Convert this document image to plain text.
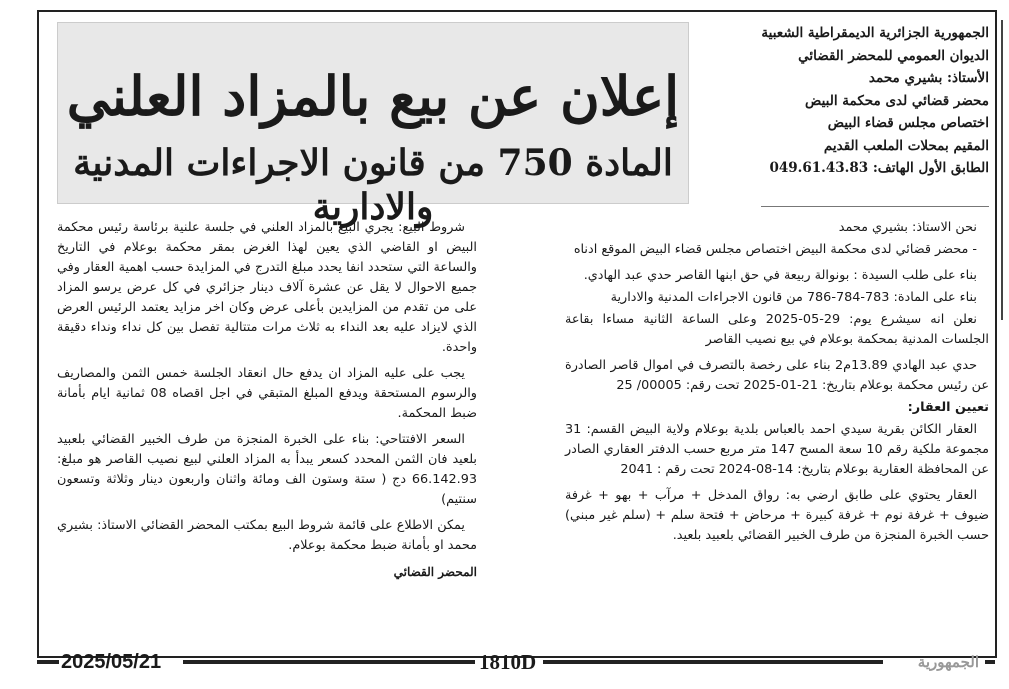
الجمهورية الجزائرية الديمقراطية الشعبية
الديوان العمومي للمحضر القضائي
الأستاذ: بشيري محمد
محضر قضائي لدى محكمة البيض
اختصاص مجلس قضاء البيض
المقيم بمحلات الملعب القديم
الطابق الأول الهاتف: 049.61.43.83
إعلان عن بيع بالمزاد العلني
المادة 750 من قانون الاجراءات المدنية والادارية	نحن الاستاذ: بشيري محمد

- محضر قضائي لدى محكمة البيض اختصاص مجلس قضاء البيض الموقع ادناه

بناء على طلب السيدة : بونوالة ربيعة في حق ابنها القاصر حدي عبد الهادي.

بناء على المادة: 783-784-786 من قانون الاجراءات المدنية والادارية

نعلن انه سيشرع يوم: 29-05-2025 وعلى الساعة الثانية مساءا بقاعة الجلسات المدنية بمحكمة بوعلام في بيع نصيب القاصر

حدي عبد الهادي 13.89م2 بناء على رخصة بالتصرف في اموال قاصر الصادرة عن رئيس محكمة بوعلام بتاريخ: 21-01-2025 تحت رقم: 00005/ 25

تعيين العقار:

العقار الكائن بقرية سيدي احمد بالعباس بلدية بوعلام ولاية البيض القسم: 31 مجموعة ملكية رقم 10 سعة المسح 147 متر مربع حسب الدفتر العقاري الصادر عن المحافظة العقارية بوعلام بتاريخ: 14-08-2024 تحت رقم : 2041

العقار يحتوي على طابق ارضي به: رواق المدخل + مرآب + بهو + غرفة ضيوف + غرفة نوم + غرفة كبيرة + مرحاض + فتحة سلم + (سلم غير مبني) حسب الخبرة المنجزة من طرف الخبير القضائي بلعبيد بلعيد.

شروط البيع: يجري البيع بالمزاد العلني في جلسة علنية برئاسة رئيس محكمة البيض او القاضي الذي يعين لهذا الغرض بمقر محكمة بوعلام في التاريخ والساعة التي ستحدد انفا يحدد مبلغ التدرج في المزايدة حسب اهمية العقار وفي جميع الاحوال لا يقل عن عشرة آلاف دينار جزائري في كل عرض يرسو المزاد على من تقدم من المزايدين بأعلى عرض وكان اخر مزايد يعتمد الرئيس العرض الذي لايزاد عليه بعد النداء به ثلاث مرات متتالية تفصل بين كل نداء ونداء دقيقة واحدة.

يجب على عليه المزاد ان يدفع حال انعقاد الجلسة خمس الثمن والمصاريف والرسوم المستحقة ويدفع المبلغ المتبقي في اجل اقصاه 08 ثمانية ايام بأمانة ضبط المحكمة.

السعر الافتتاحي: بناء على الخبرة المنجزة من طرف الخبير القضائي بلعبيد بلعيد فان الثمن المحدد كسعر يبدأ به المزاد العلني لبيع نصيب القاصر هو مبلغ: 66.142.93 دج ( ستة وستون الف ومائة واثنان واربعون دينار وثلاثة وتسعون سنتيم)

يمكن الاطلاع على قائمة شروط البيع بمكتب المحضر القضائي الاستاذ: بشيري محمد او بأمانة ضبط محكمة بوعلام.

المحضر القضائي
2025/05/21	1810D	الجمهورية
